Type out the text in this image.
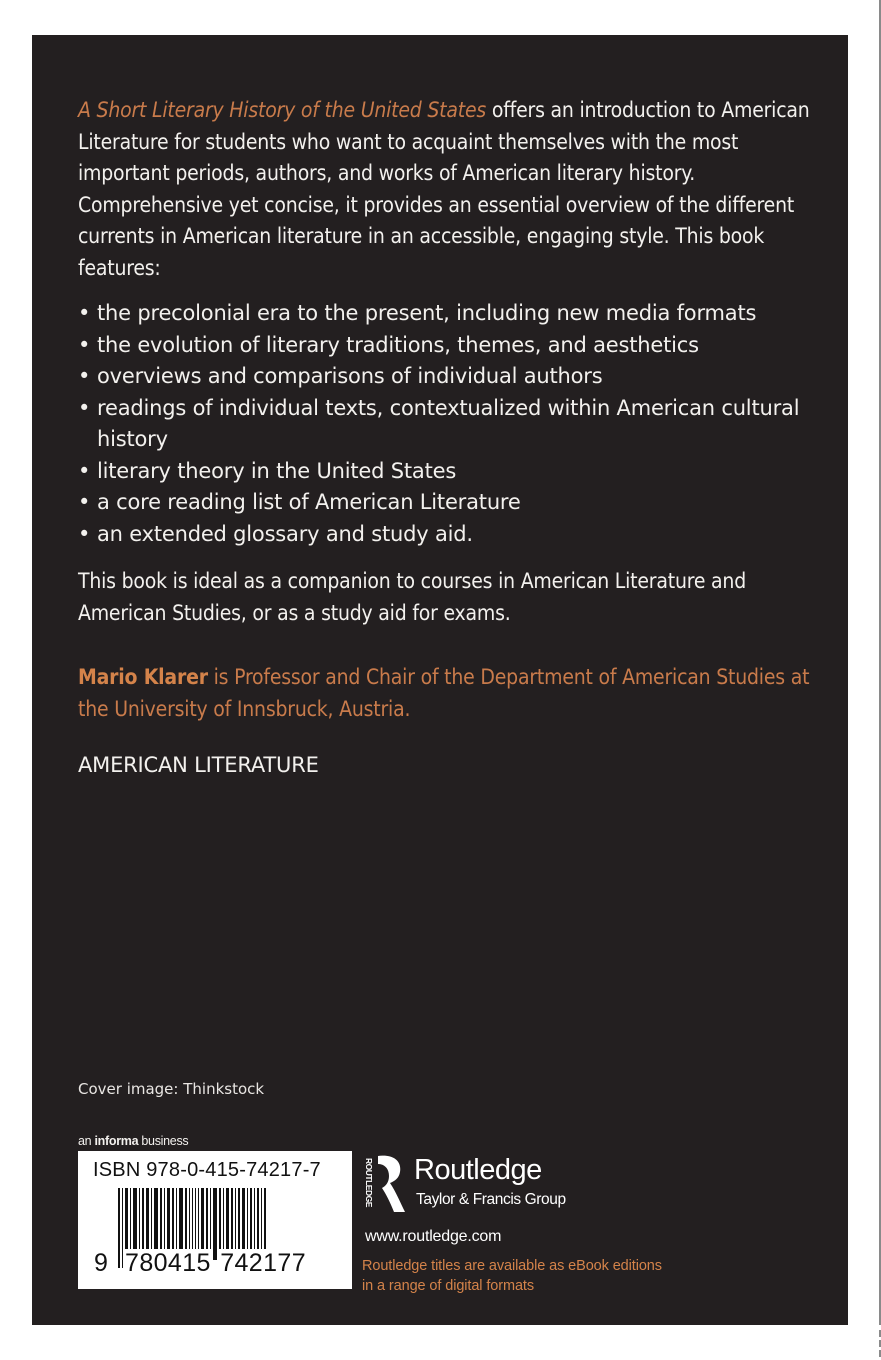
A Short Literary History of the United States offers an introduction to American Literature for students who want to acquaint themselves with the most important periods, authors, and works of American literary history. Comprehensive yet concise, it provides an essential overview of the different currents in American literature in an accessible, engaging style. This book features:

• the precolonial era to the present, including new media formats
• the evolution of literary traditions, themes, and aesthetics
• overviews and comparisons of individual authors
• readings of individual texts, contextualized within American cultural history
• literary theory in the United States
• a core reading list of American Literature
• an extended glossary and study aid.

This book is ideal as a companion to courses in American Literature and American Studies, or as a study aid for exams.

Mario Klarer is Professor and Chair of the Department of American Studies at the University of Innsbruck, Austria.

AMERICAN LITERATURE
Cover image: Thinkstock
an informa business
ISBN 978-0-415-74217-7
9 780415 742177
ROUTLEDGE Routledge
Taylor & Francis Group
www.routledge.com
Routledge titles are available as eBook editions in a range of digital formats
